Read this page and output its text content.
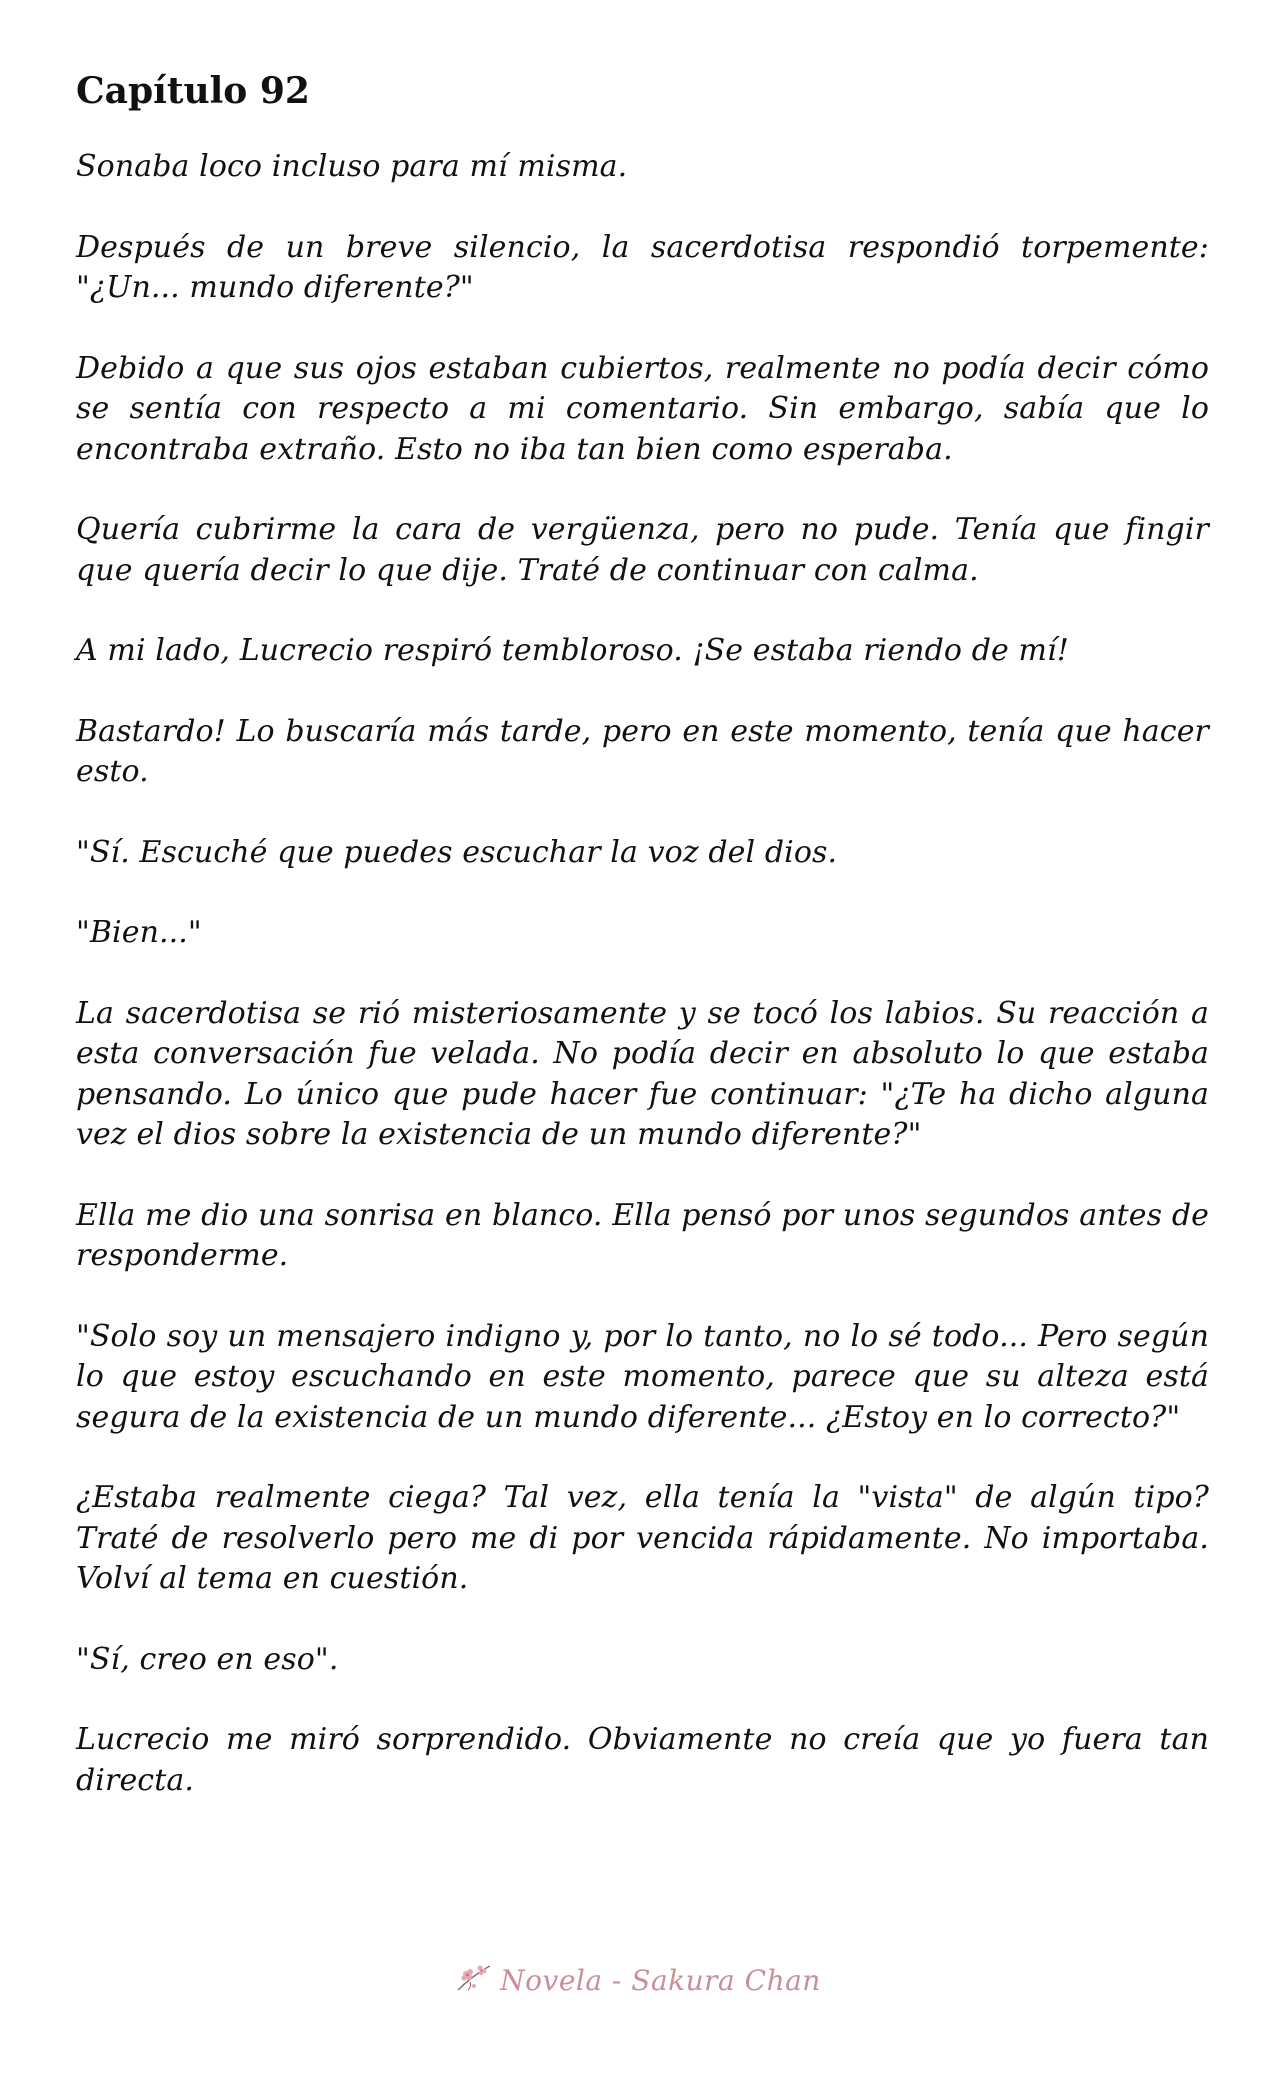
Capítulo 92

Sonaba loco incluso para mí misma.

Después de un breve silencio, la sacerdotisa respondió torpemente: "¿Un... mundo diferente?"

Debido a que sus ojos estaban cubiertos, realmente no podía decir cómo se sentía con respecto a mi comentario. Sin embargo, sabía que lo encontraba extraño. Esto no iba tan bien como esperaba.

Quería cubrirme la cara de vergüenza, pero no pude. Tenía que fingir que quería decir lo que dije. Traté de continuar con calma.

A mi lado, Lucrecio respiró tembloroso. ¡Se estaba riendo de mí!

Bastardo! Lo buscaría más tarde, pero en este momento, tenía que hacer esto.

"Sí. Escuché que puedes escuchar la voz del dios.

"Bien..."

La sacerdotisa se rió misteriosamente y se tocó los labios. Su reacción a esta conversación fue velada. No podía decir en absoluto lo que estaba pensando. Lo único que pude hacer fue continuar: "¿Te ha dicho alguna vez el dios sobre la existencia de un mundo diferente?"

Ella me dio una sonrisa en blanco. Ella pensó por unos segundos antes de responderme.

"Solo soy un mensajero indigno y, por lo tanto, no lo sé todo... Pero según lo que estoy escuchando en este momento, parece que su alteza está segura de la existencia de un mundo diferente... ¿Estoy en lo correcto?"

¿Estaba realmente ciega? Tal vez, ella tenía la "vista" de algún tipo? Traté de resolverlo pero me di por vencida rápidamente. No importaba. Volví al tema en cuestión.

"Sí, creo en eso".

Lucrecio me miró sorprendido. Obviamente no creía que yo fuera tan directa.

Novela - Sakura Chan
